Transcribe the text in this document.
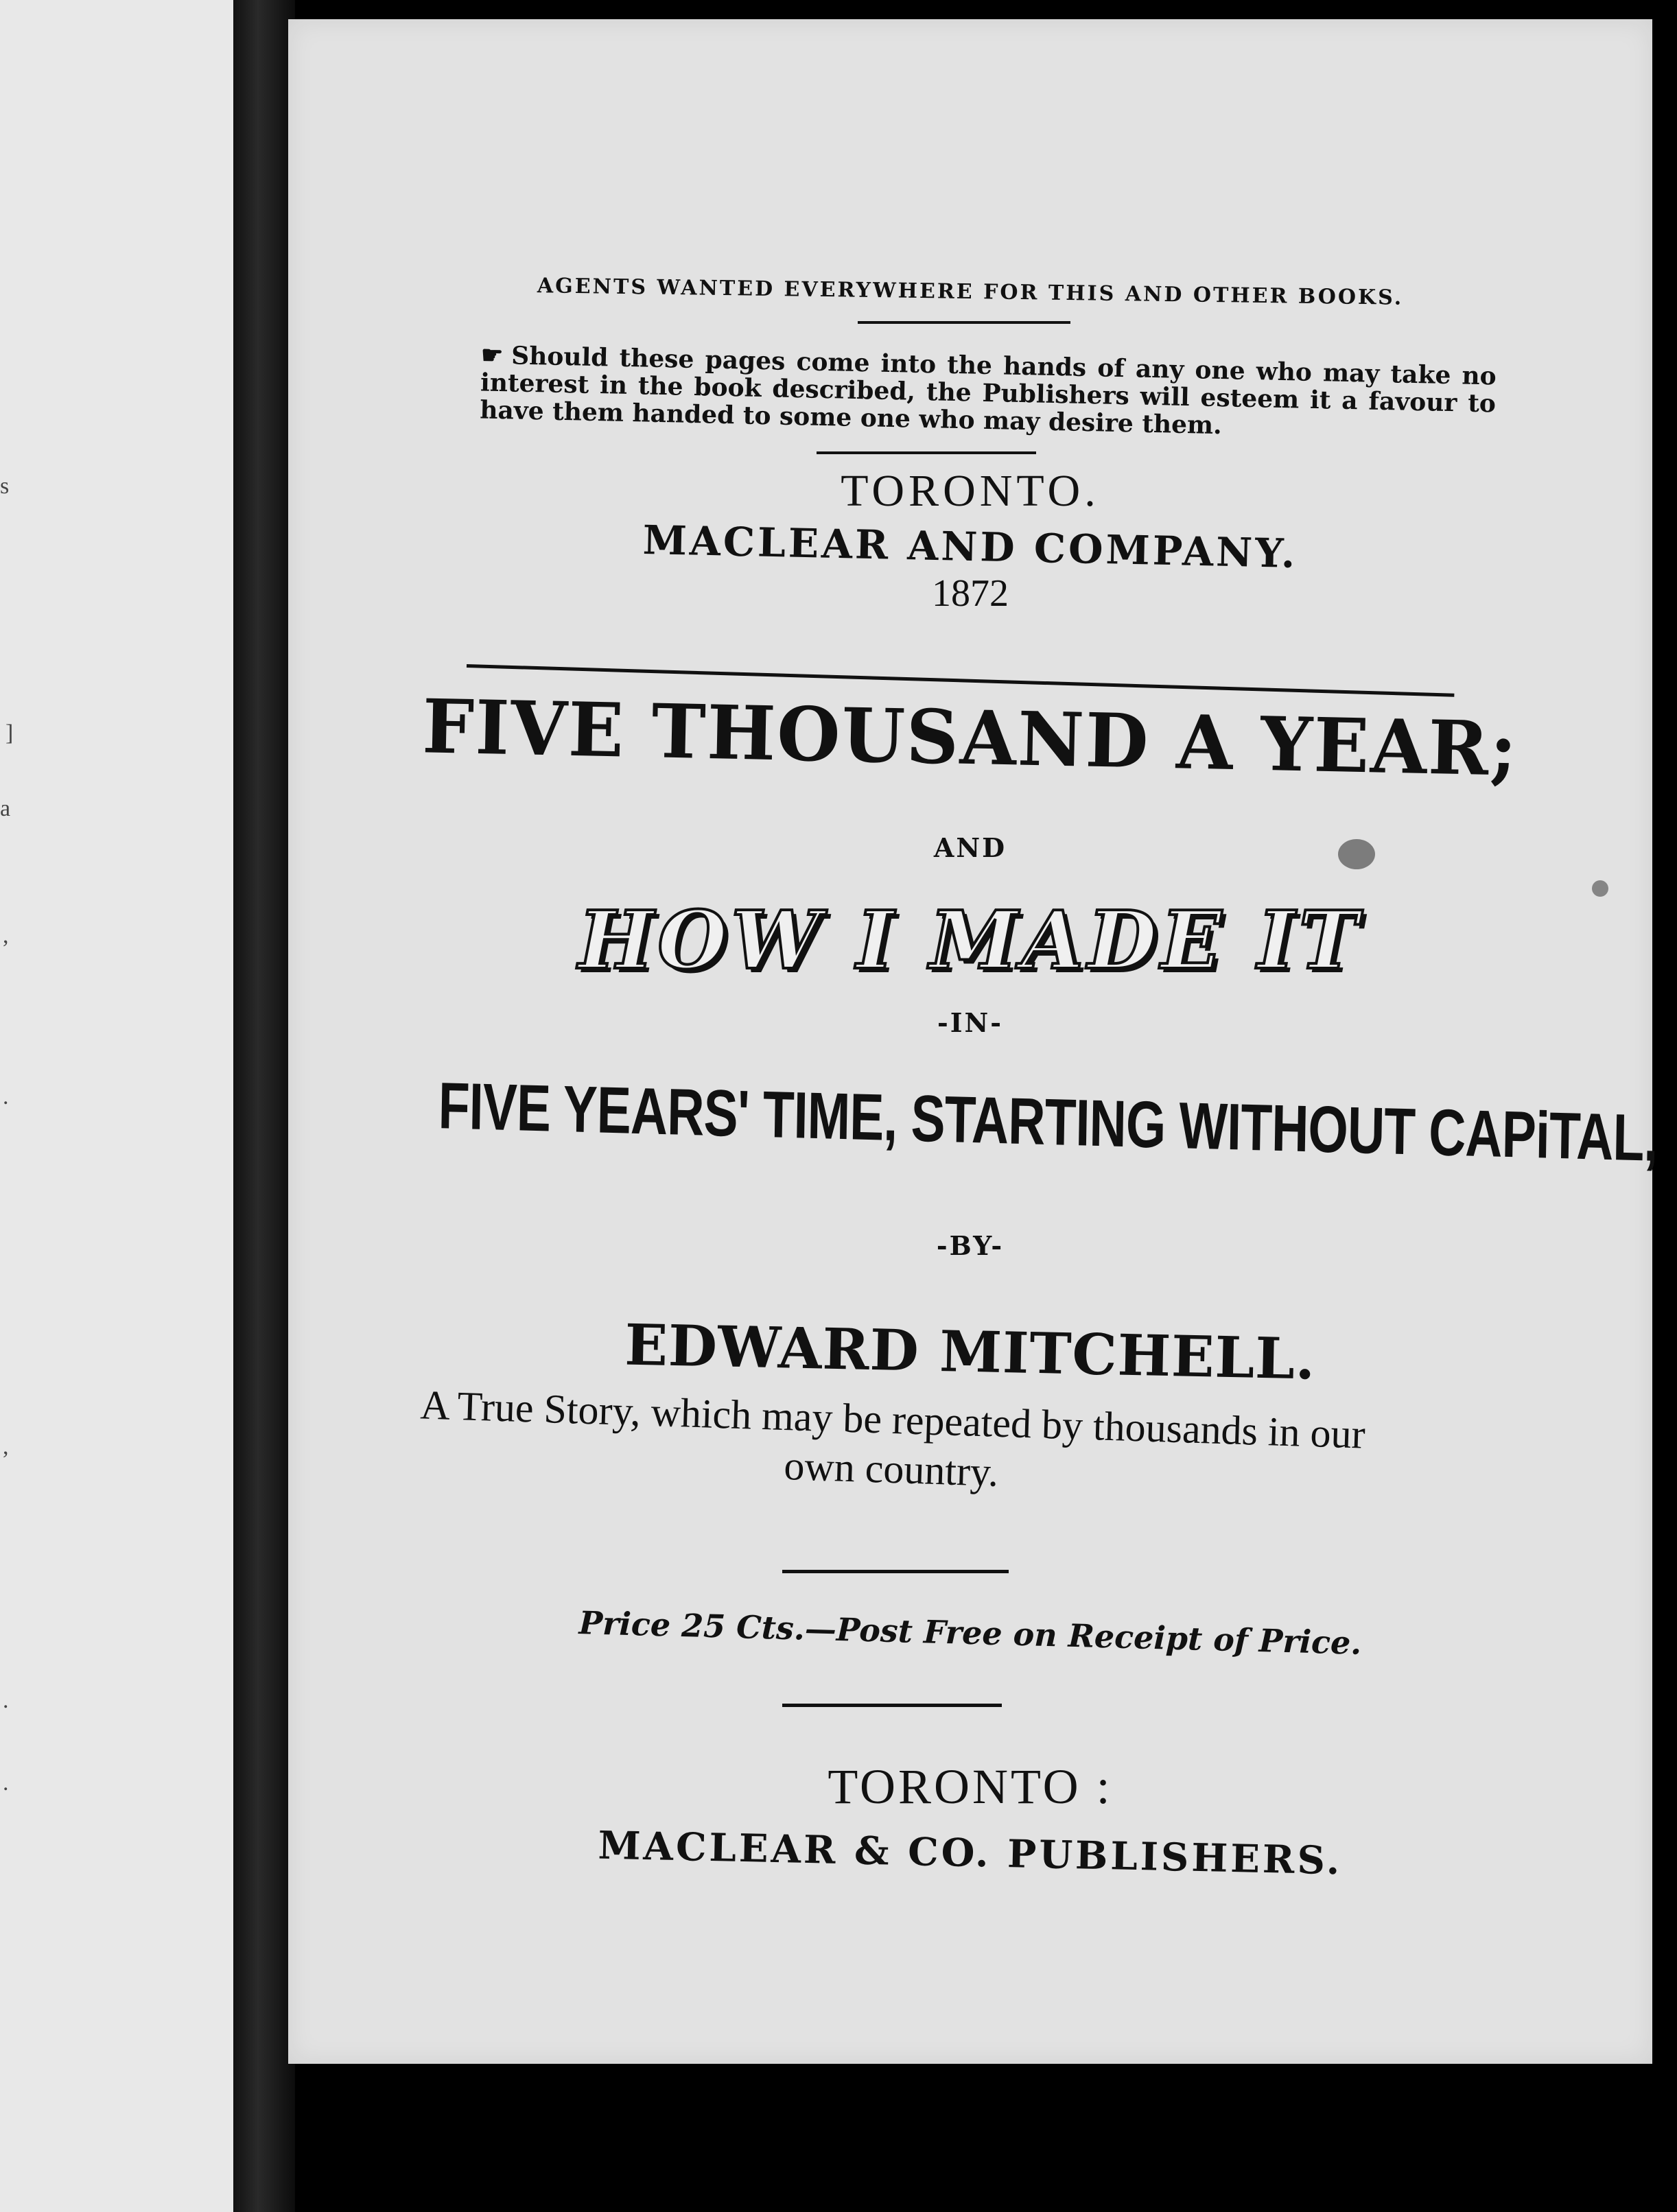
s
]
a
,
.
,
.
.
AGENTS WANTED EVERYWHERE FOR THIS AND OTHER BOOKS.
☛ Should these pages come into the hands of any one who may take no interest in the book described, the Publishers will esteem it a favour to have them handed to some one who may desire them.
TORONTO.
MACLEAR AND COMPANY.
1872
FIVE THOUSAND A YEAR;
AND
HOW I MADE IT
-IN-
FIVE YEARS' TIME, STARTING WITHOUT CAPiTAL,
-BY-
EDWARD MITCHELL.
A True Story, which may be repeated by thousands in our own country.
Price 25 Cts.—Post Free on Receipt of Price.
TORONTO :
MACLEAR & CO. PUBLISHERS.
